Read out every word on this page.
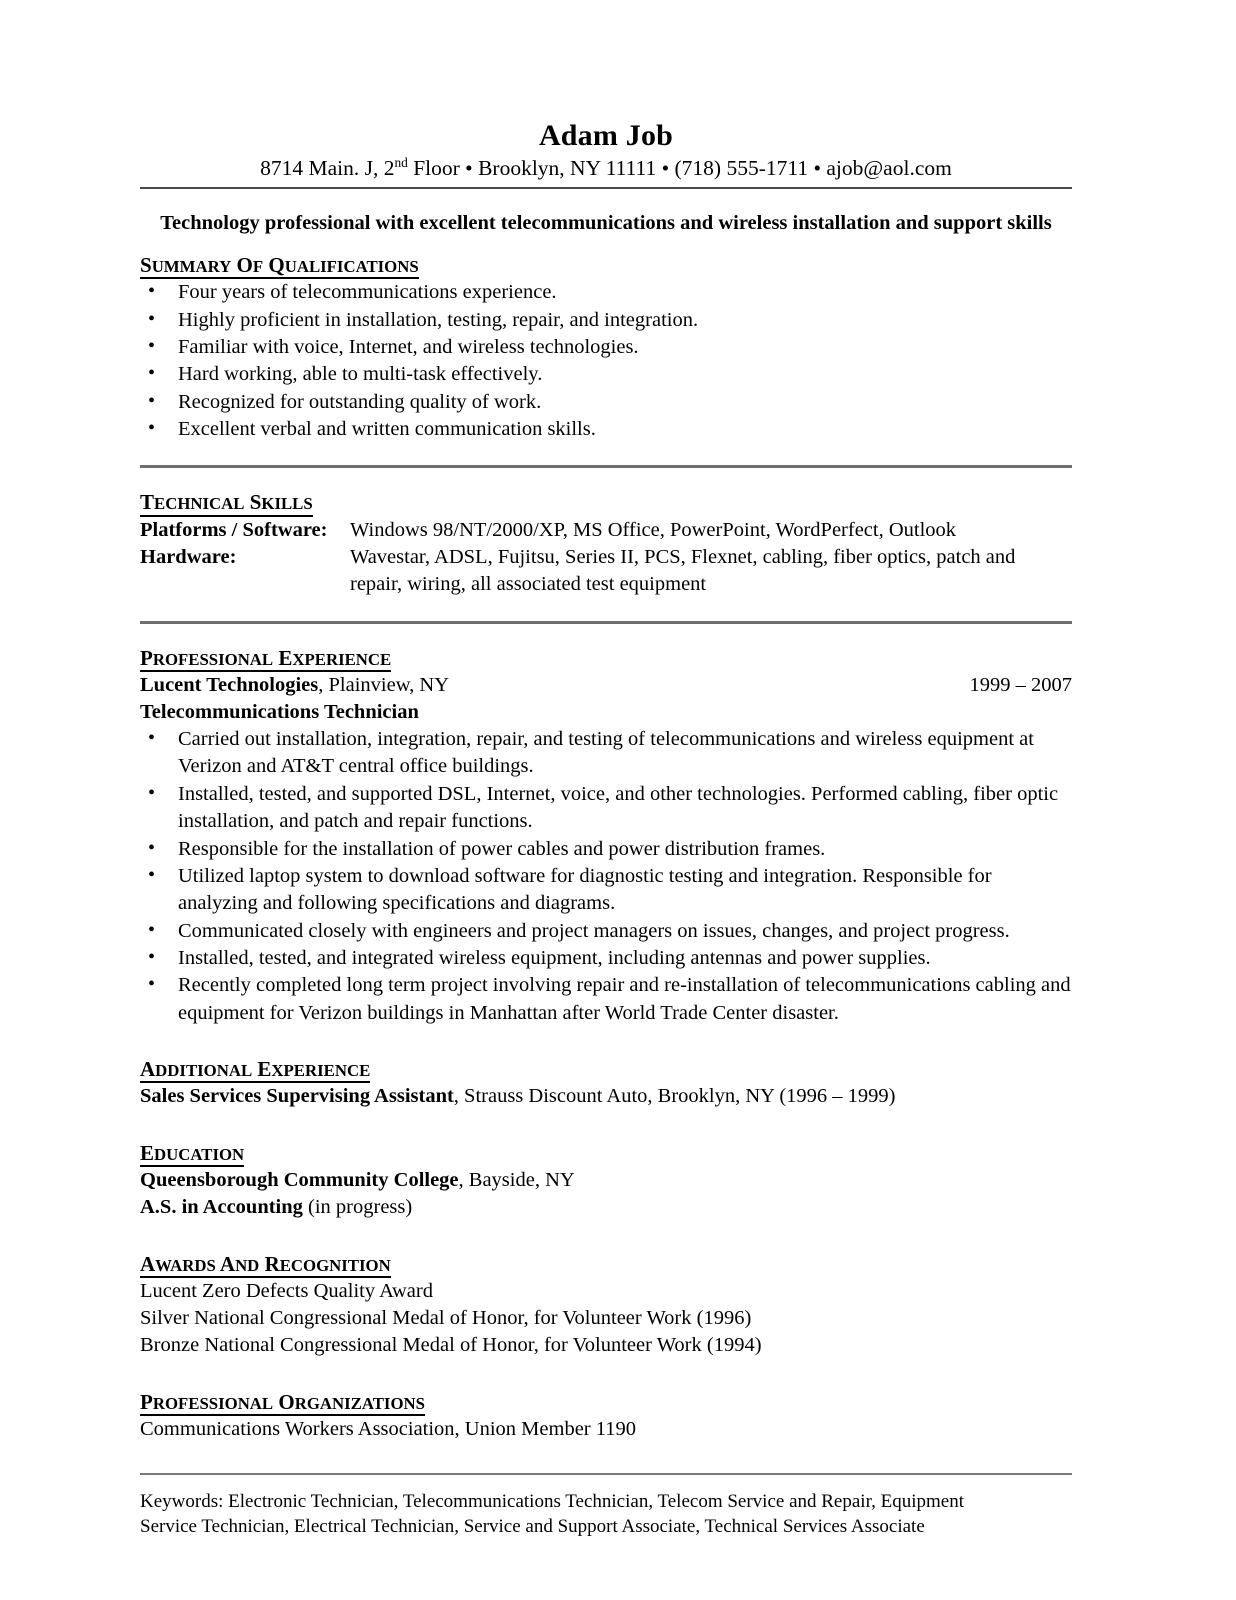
Adam Job
8714 Main. J, 2nd Floor • Brooklyn, NY 11111 • (718) 555-1711 • ajob@aol.com
Technology professional with excellent telecommunications and wireless installation and support skills
SUMMARY OF QUALIFICATIONS
• Four years of telecommunications experience.
• Highly proficient in installation, testing, repair, and integration.
• Familiar with voice, Internet, and wireless technologies.
• Hard working, able to multi-task effectively.
• Recognized for outstanding quality of work.
• Excellent verbal and written communication skills.
TECHNICAL SKILLS
Platforms / Software:	Windows 98/NT/2000/XP, MS Office, PowerPoint, WordPerfect, Outlook
Hardware:	Wavestar, ADSL, Fujitsu, Series II, PCS, Flexnet, cabling, fiber optics, patch and repair, wiring, all associated test equipment
PROFESSIONAL EXPERIENCE
Lucent Technologies, Plainview, NY	1999 – 2007
Telecommunications Technician
• Carried out installation, integration, repair, and testing of telecommunications and wireless equipment at Verizon and AT&T central office buildings.
• Installed, tested, and supported DSL, Internet, voice, and other technologies. Performed cabling, fiber optic installation, and patch and repair functions.
• Responsible for the installation of power cables and power distribution frames.
• Utilized laptop system to download software for diagnostic testing and integration. Responsible for analyzing and following specifications and diagrams.
• Communicated closely with engineers and project managers on issues, changes, and project progress.
• Installed, tested, and integrated wireless equipment, including antennas and power supplies.
• Recently completed long term project involving repair and re-installation of telecommunications cabling and equipment for Verizon buildings in Manhattan after World Trade Center disaster.
ADDITIONAL EXPERIENCE
Sales Services Supervising Assistant, Strauss Discount Auto, Brooklyn, NY (1996 – 1999)
EDUCATION
Queensborough Community College, Bayside, NY
A.S. in Accounting (in progress)
AWARDS AND RECOGNITION
Lucent Zero Defects Quality Award
Silver National Congressional Medal of Honor, for Volunteer Work (1996)
Bronze National Congressional Medal of Honor, for Volunteer Work (1994)
PROFESSIONAL ORGANIZATIONS
Communications Workers Association, Union Member 1190
Keywords: Electronic Technician, Telecommunications Technician, Telecom Service and Repair, Equipment
Service Technician, Electrical Technician, Service and Support Associate, Technical Services Associate
